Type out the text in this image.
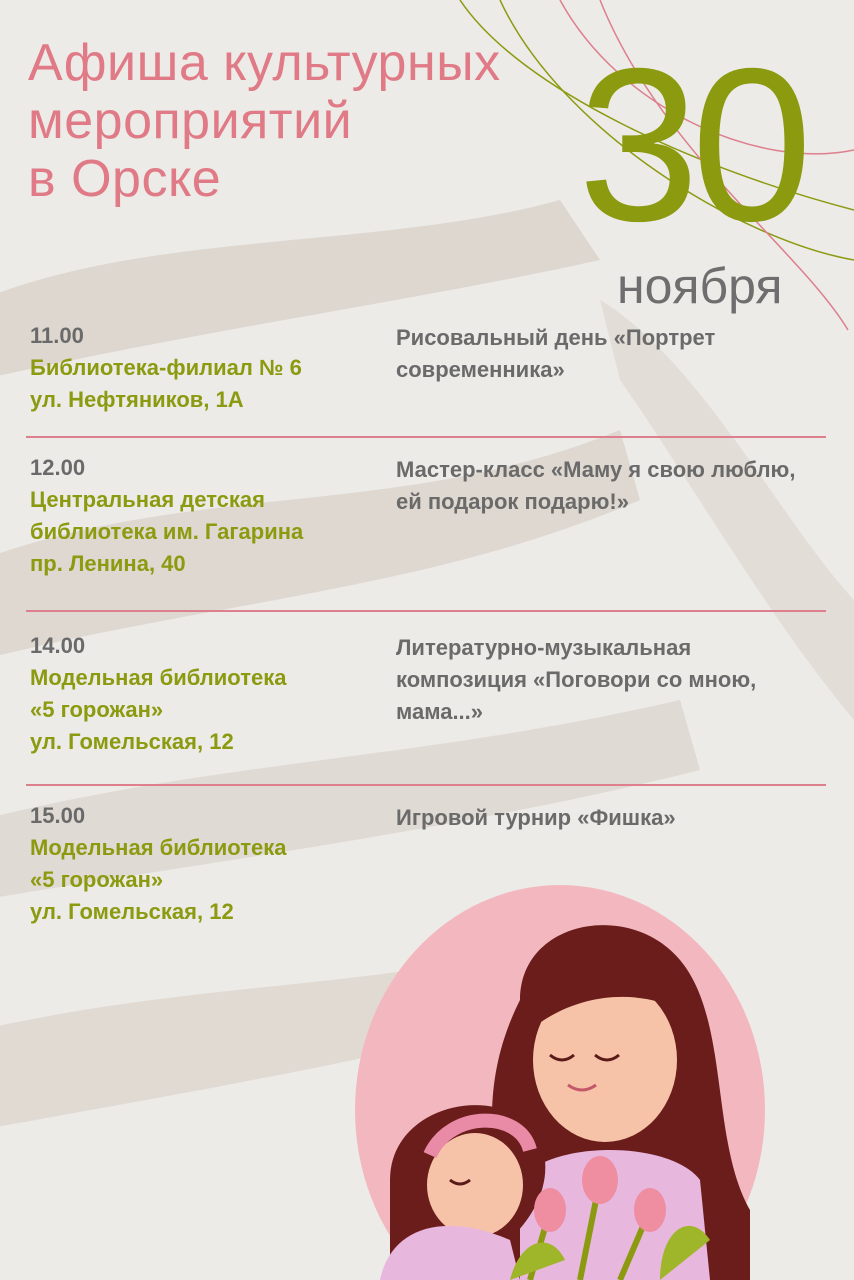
Афиша культурных
мероприятий
в Орске	30
ноября
11.00
Библиотека-филиал № 6
ул. Нефтяников, 1А
Рисовальный день «Портрет современника»
12.00
Центральная детская
библиотека им. Гагарина
пр. Ленина, 40
Мастер-класс «Маму я свою люблю, ей подарок подарю!»
14.00
Модельная библиотека
«5 горожан»
ул. Гомельская, 12
Литературно-музыкальная композиция «Поговори со мною, мама...»
15.00
Модельная библиотека
«5 горожан»
ул. Гомельская, 12
Игровой турнир «Фишка»
